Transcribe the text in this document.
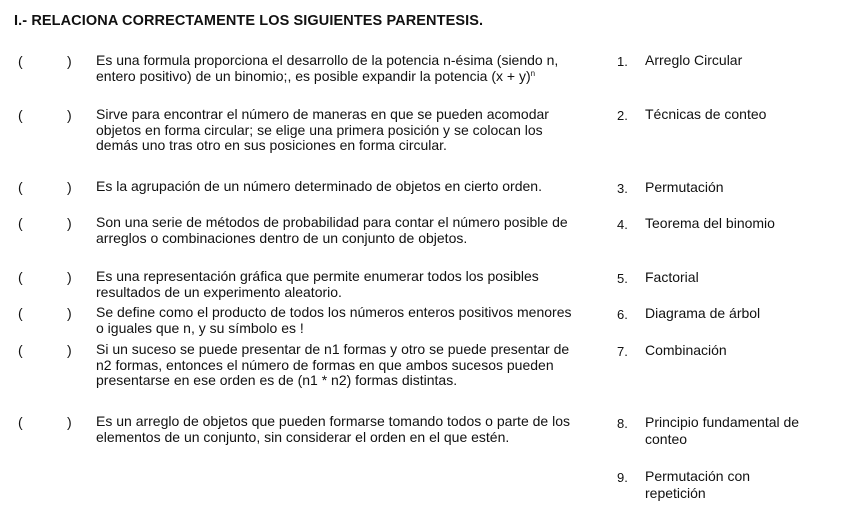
I.- RELACIONA CORRECTAMENTE LOS SIGUIENTES PARENTESIS.
(	) Es una formula proporciona el desarrollo de la potencia n-ésima (siendo n, entero positivo) de un binomio;, es posible expandir la potencia $(x + y)^n$
(	) Sirve para encontrar el número de maneras en que se pueden acomodar objetos en forma circular; se elige una primera posición y se colocan los demás uno tras otro en sus posiciones en forma circular.
(	) Es la agrupación de un número determinado de objetos en cierto orden.
(	) Son una serie de métodos de probabilidad para contar el número posible de arreglos o combinaciones dentro de un conjunto de objetos.
(	) Es una representación gráfica que permite enumerar todos los posibles resultados de un experimento aleatorio.
(	) Se define como el producto de todos los números enteros positivos menores o iguales que n, y su símbolo es !
(	) Si un suceso se puede presentar de n1 formas y otro se puede presentar de n2 formas, entonces el número de formas en que ambos sucesos pueden presentarse en ese orden es de (n1 * n2) formas distintas.
(	) Es un arreglo de objetos que pueden formarse tomando todos o parte de los elementos de un conjunto, sin considerar el orden en el que estén.
1. Arreglo Circular
2. Técnicas de conteo
3. Permutación
4. Teorema del binomio
5. Factorial
6. Diagrama de árbol
7. Combinación
8. Principio fundamental de conteo
9. Permutación con repetición
